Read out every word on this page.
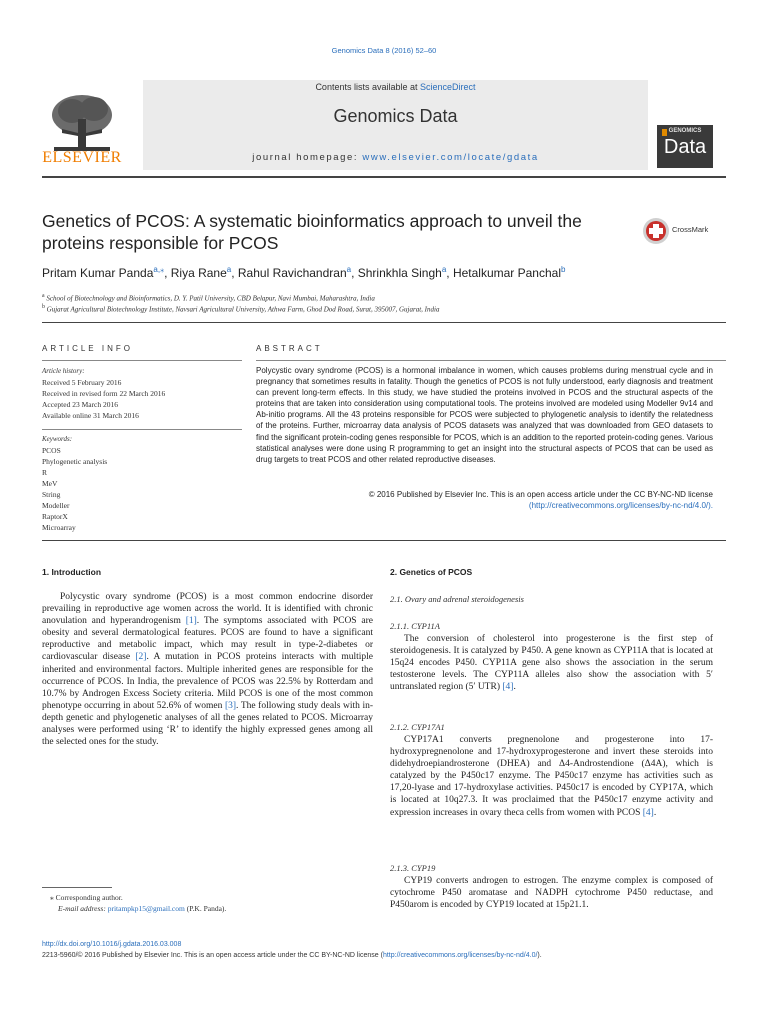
Genomics Data 8 (2016) 52–60
Contents lists available at ScienceDirect
Genomics Data
journal homepage: www.elsevier.com/locate/gdata
ELSEVIER
GENOMICS
Data
Genetics of PCOS: A systematic bioinformatics approach to unveil the proteins responsible for PCOS
CrossMark
Pritam Kumar Panda$^{a,⁎}$, Riya Rane$^a$, Rahul Ravichandran$^a$, Shrinkhla Singh$^a$, Hetalkumar Panchal$^b$
$^a$ School of Biotechnology and Bioinformatics, D. Y. Patil University, CBD Belapur, Navi Mumbai, Maharashtra, India
$^b$ Gujarat Agricultural Biotechnology Institute, Navsari Agricultural University, Athwa Farm, Ghod Dod Road, Surat, 395007, Gujarat, India
ARTICLE INFO
Article history:
Received 5 February 2016
Received in revised form 22 March 2016
Accepted 23 March 2016
Available online 31 March 2016
Keywords:
PCOS
Phylogenetic analysis
R
MeV
String
Modeller
RaptorX
Microarray
ABSTRACT
Polycystic ovary syndrome (PCOS) is a hormonal imbalance in women, which causes problems during menstrual cycle and in pregnancy that sometimes results in fatality. Though the genetics of PCOS is not fully understood, early diagnosis and treatment can prevent long-term effects. In this study, we have studied the proteins involved in PCOS and the structural aspects of the proteins that are taken into consideration using computational tools. The proteins involved are modeled using Modeller 9v14 and Ab-initio programs. All the 43 proteins responsible for PCOS were subjected to phylogenetic analysis to identify the relatedness of the proteins. Further, microarray data analysis of PCOS datasets was analyzed that was downloaded from GEO datasets to find the significant protein-coding genes responsible for PCOS, which is an addition to the reported protein-coding genes. Various statistical analyses were done using R programming to get an insight into the structural aspects of PCOS that can be used as drug targets to treat PCOS and other related reproductive diseases.
© 2016 Published by Elsevier Inc. This is an open access article under the CC BY-NC-ND license
(http://creativecommons.org/licenses/by-nc-nd/4.0/).
1. Introduction
Polycystic ovary syndrome (PCOS) is a most common endocrine disorder prevailing in reproductive age women across the world. It is identified with chronic anovulation and hyperandrogenism [1]. The symptoms associated with PCOS are obesity and several dermatological features. PCOS are found to have a significant reproductive and metabolic impact, which may result in type-2-diabetes or cardiovascular disease [2]. A mutation in PCOS proteins interacts with multiple inherited and environmental factors. Multiple inherited genes are responsible for the occurrence of PCOS. In India, the prevalence of PCOS was 22.5% by Rotterdam and 10.7% by Androgen Excess Society criteria. Mild PCOS is one of the most common phenotype occurring in about 52.6% of women [3]. The following study deals with in-depth genetic and phylogenetic analyses of all the genes related to PCOS. Microarray analyses were performed using ‘R’ to identify the highly expressed genes among all the selected ones for the study.
⁎ Corresponding author.
E-mail address: pritampkp15@gmail.com (P.K. Panda).
2. Genetics of PCOS
2.1. Ovary and adrenal steroidogenesis
2.1.1. CYP11A
The conversion of cholesterol into progesterone is the first step of steroidogenesis. It is catalyzed by P450. A gene known as CYP11A that is located at 15q24 encodes P450. CYP11A gene also shows the association in the serum testosterone levels. The CYP11A alleles also show the association with 5′ untranslated region (5′ UTR) [4].
2.1.2. CYP17A1
CYP17A1 converts pregnenolone and progesterone into 17-hydroxypregnenolone and 17-hydroxyprogesterone and invert these steroids into didehydroepiandrosterone (DHEA) and Δ4-Androstendione (Δ4A), which is catalyzed by the P450c17 enzyme. The P450c17 enzyme has activities such as 17,20-lyase and 17-hydroxylase activities. P450c17 is encoded by CYP17A, which is located at 10q27.3. It was proclaimed that the P450c17 enzyme activity and expression increases in ovary theca cells from women with PCOS [4].
2.1.3. CYP19
CYP19 converts androgen to estrogen. The enzyme complex is composed of cytochrome P450 aromatase and NADPH cytochrome P450 reductase, and P450arom is encoded by CYP19 located at 15p21.1.
http://dx.doi.org/10.1016/j.gdata.2016.03.008
2213-5960/© 2016 Published by Elsevier Inc. This is an open access article under the CC BY-NC-ND license (http://creativecommons.org/licenses/by-nc-nd/4.0/).
